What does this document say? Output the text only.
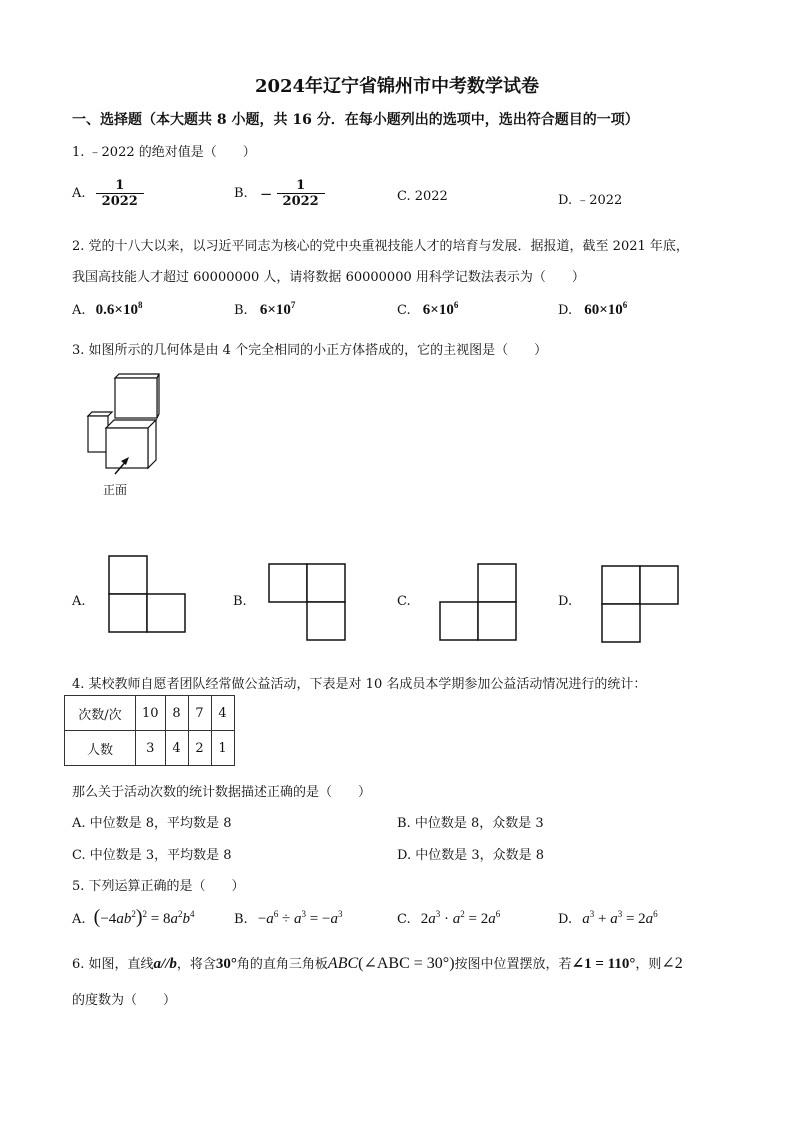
2024年辽宁省锦州市中考数学试卷
一、选择题（本大题共 8 小题，共 16 分．在每小题列出的选项中，选出符合题目的一项）
1. ﹣2022 的绝对值是（　　）
A. $\frac{1}{2022}$	B. − $\frac{1}{2022}$	C. 2022	D. ﹣2022
2. 党的十八大以来，以习近平同志为核心的党中央重视技能人才的培育与发展．据报道，截至 2021 年底，
我国高技能人才超过 60000000 人，请将数据 60000000 用科学记数法表示为（　　）
A. $0.6\times 10^8$	B. $6\times 10^7$	C. $6\times 10^6$	D. $60\times 10^6$
3. 如图所示的几何体是由 4 个完全相同的小正方体搭成的，它的主视图是（　　）
正面
A.	B.	C.	D.
4. 某校教师自愿者团队经常做公益活动，下表是对 10 名成员本学期参加公益活动情况进行的统计：
次数/次	10	8	7	4
人数	3	4	2	1
那么关于活动次数的统计数据描述正确的是（　　）
A. 中位数是 8，平均数是 8	B. 中位数是 8，众数是 3
C. 中位数是 3，平均数是 8	D. 中位数是 3，众数是 8
5. 下列运算正确的是（　　）
A. $(-4ab^2)^2 = 8a^2b^4$	B. $-a^6 \div a^3 = -a^3$	C. $2a^3 \cdot a^2 = 2a^6$	D. $a^3 + a^3 = 2a^6$
6. 如图，直线a//b，将含30°角的直角三角板ABC(∠ABC = 30°)按图中位置摆放，若∠1 = 110°，则∠2
的度数为（　　）
